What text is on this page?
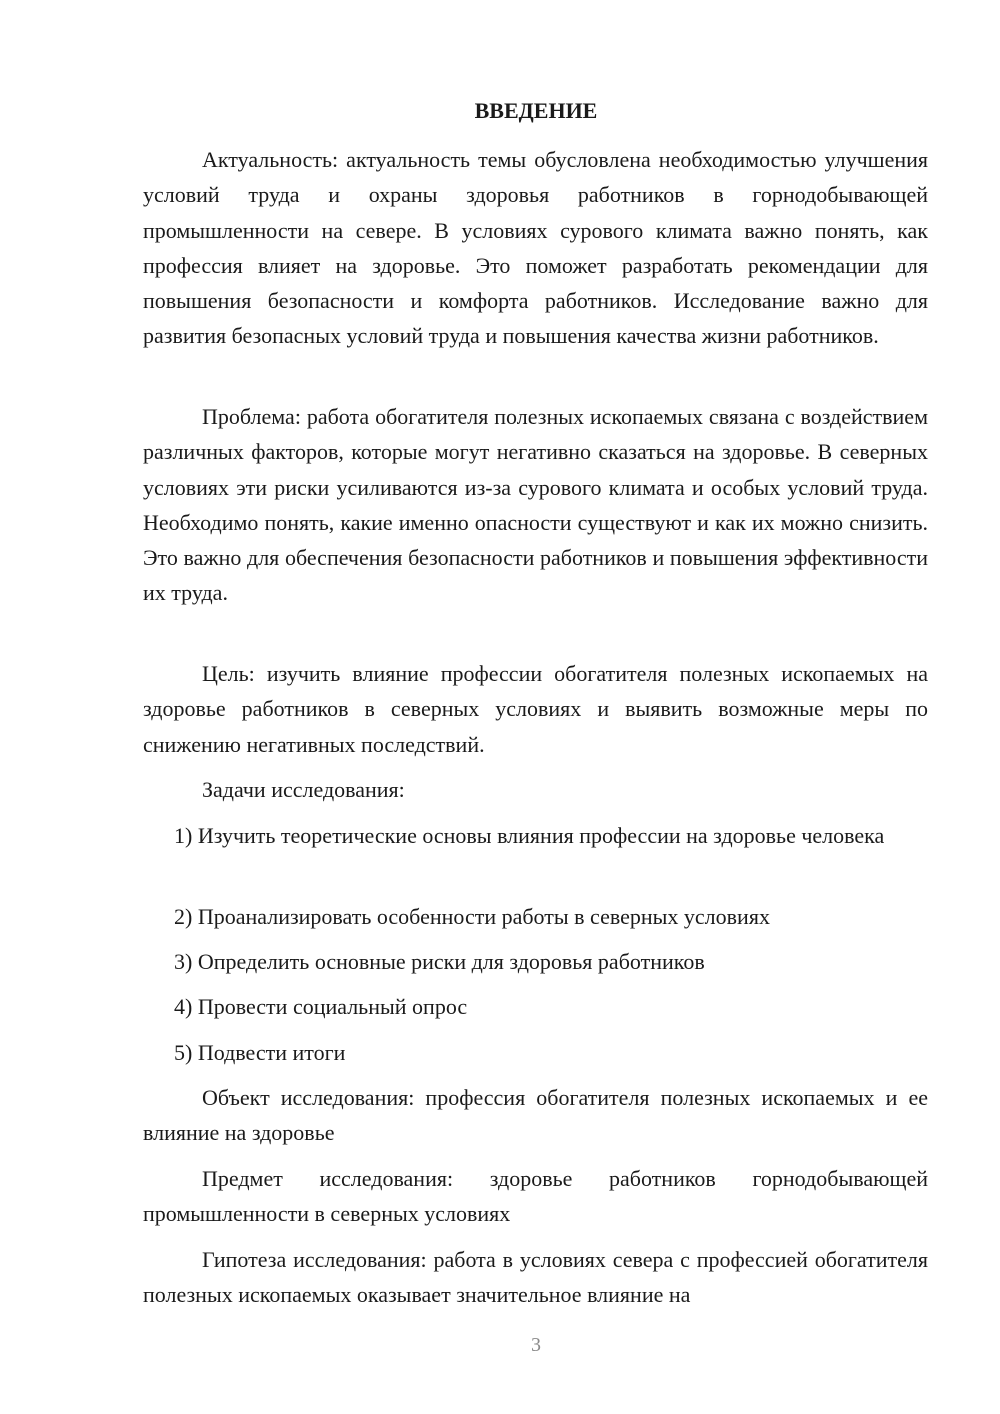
ВВЕДЕНИЕ

Актуальность: актуальность темы обусловлена необходимостью улучшения условий труда и охраны здоровья работников в горнодобывающей промышленности на севере. В условиях сурового климата важно понять, как профессия влияет на здоровье. Это поможет разработать рекомендации для повышения безопасности и комфорта работников. Исследование важно для развития безопасных условий труда и повышения качества жизни работников.

Проблема: работа обогатителя полезных ископаемых связана с воздействием различных факторов, которые могут негативно сказаться на здоровье. В северных условиях эти риски усиливаются из-за сурового климата и особых условий труда. Необходимо понять, какие именно опасности существуют и как их можно снизить. Это важно для обеспечения безопасности работников и повышения эффективности их труда.

Цель: изучить влияние профессии обогатителя полезных ископаемых на здоровье работников в северных условиях и выявить возможные меры по снижению негативных последствий.

Задачи исследования:

1) Изучить теоретические основы влияния профессии на здоровье человека

2) Проанализировать особенности работы в северных условиях

3) Определить основные риски для здоровья работников

4) Провести социальный опрос

5) Подвести итоги

Объект исследования: профессия обогатителя полезных ископаемых и ее влияние на здоровье

Предмет исследования: здоровье работников горнодобывающей промышленности в северных условиях

Гипотеза исследования: работа в условиях севера с профессией обогатителя полезных ископаемых оказывает значительное влияние на

3
